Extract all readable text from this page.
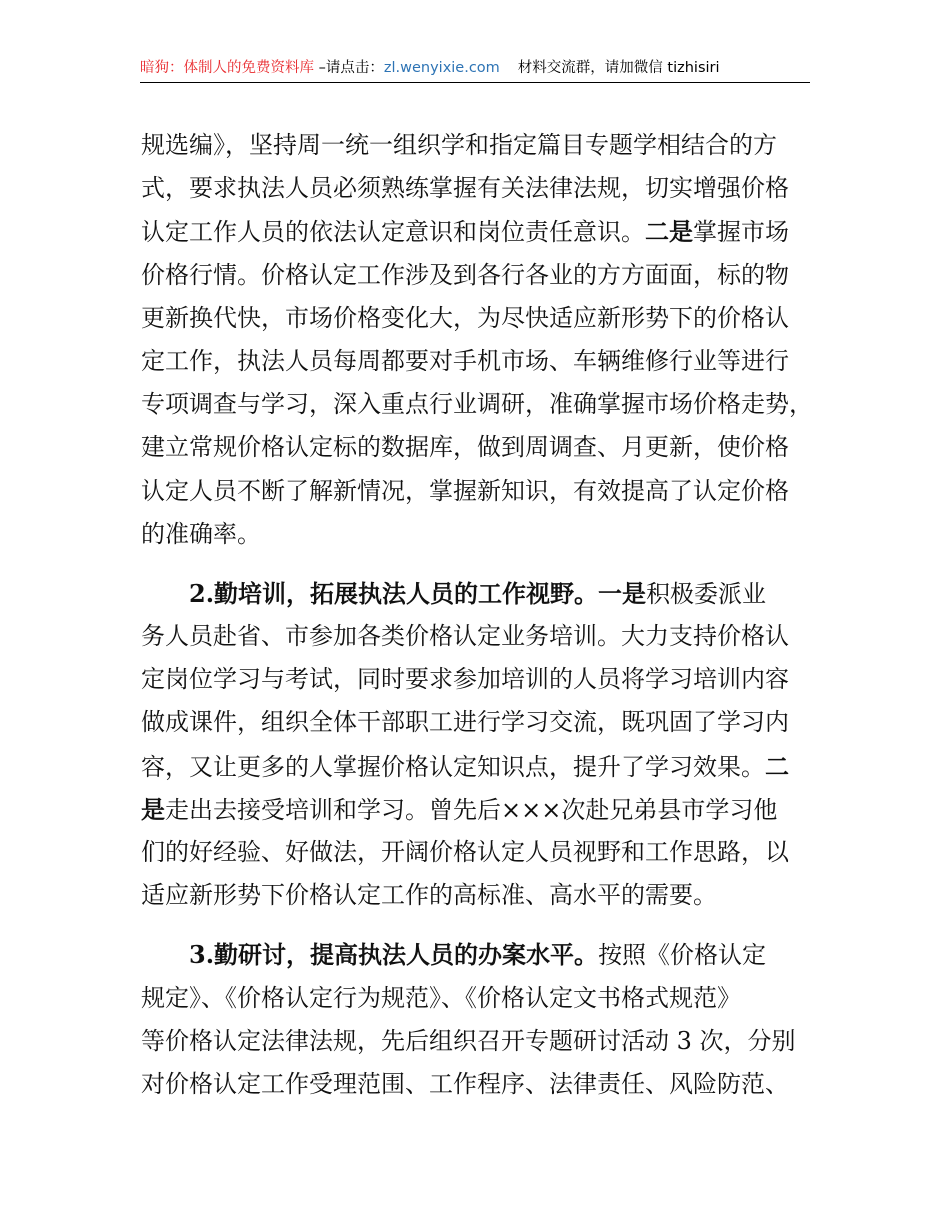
暗狗：体制人的免费资料库 –请点击：zl.wenyixie.com 材料交流群，请加微信 tizhisiri
规选编》，坚持周一统一组织学和指定篇目专题学相结合的方
式，要求执法人员必须熟练掌握有关法律法规，切实增强价格
认定工作人员的依法认定意识和岗位责任意识。二是掌握市场
价格行情。价格认定工作涉及到各行各业的方方面面，标的物
更新换代快，市场价格变化大，为尽快适应新形势下的价格认
定工作，执法人员每周都要对手机市场、车辆维修行业等进行
专项调查与学习，深入重点行业调研，准确掌握市场价格走势，
建立常规价格认定标的数据库，做到周调查、月更新，使价格
认定人员不断了解新情况，掌握新知识，有效提高了认定价格
的准确率。
　　2.勤培训，拓展执法人员的工作视野。一是积极委派业
务人员赴省、市参加各类价格认定业务培训。大力支持价格认
定岗位学习与考试，同时要求参加培训的人员将学习培训内容
做成课件，组织全体干部职工进行学习交流，既巩固了学习内
容，又让更多的人掌握价格认定知识点，提升了学习效果。二
是走出去接受培训和学习。曾先后×××次赴兄弟县市学习他
们的好经验、好做法，开阔价格认定人员视野和工作思路，以
适应新形势下价格认定工作的高标准、高水平的需要。
　　3.勤研讨，提高执法人员的办案水平。按照《价格认定
规定》、《价格认定行为规范》、《价格认定文书格式规范》
等价格认定法律法规，先后组织召开专题研讨活动 3 次，分别
对价格认定工作受理范围、工作程序、法律责任、风险防范、
